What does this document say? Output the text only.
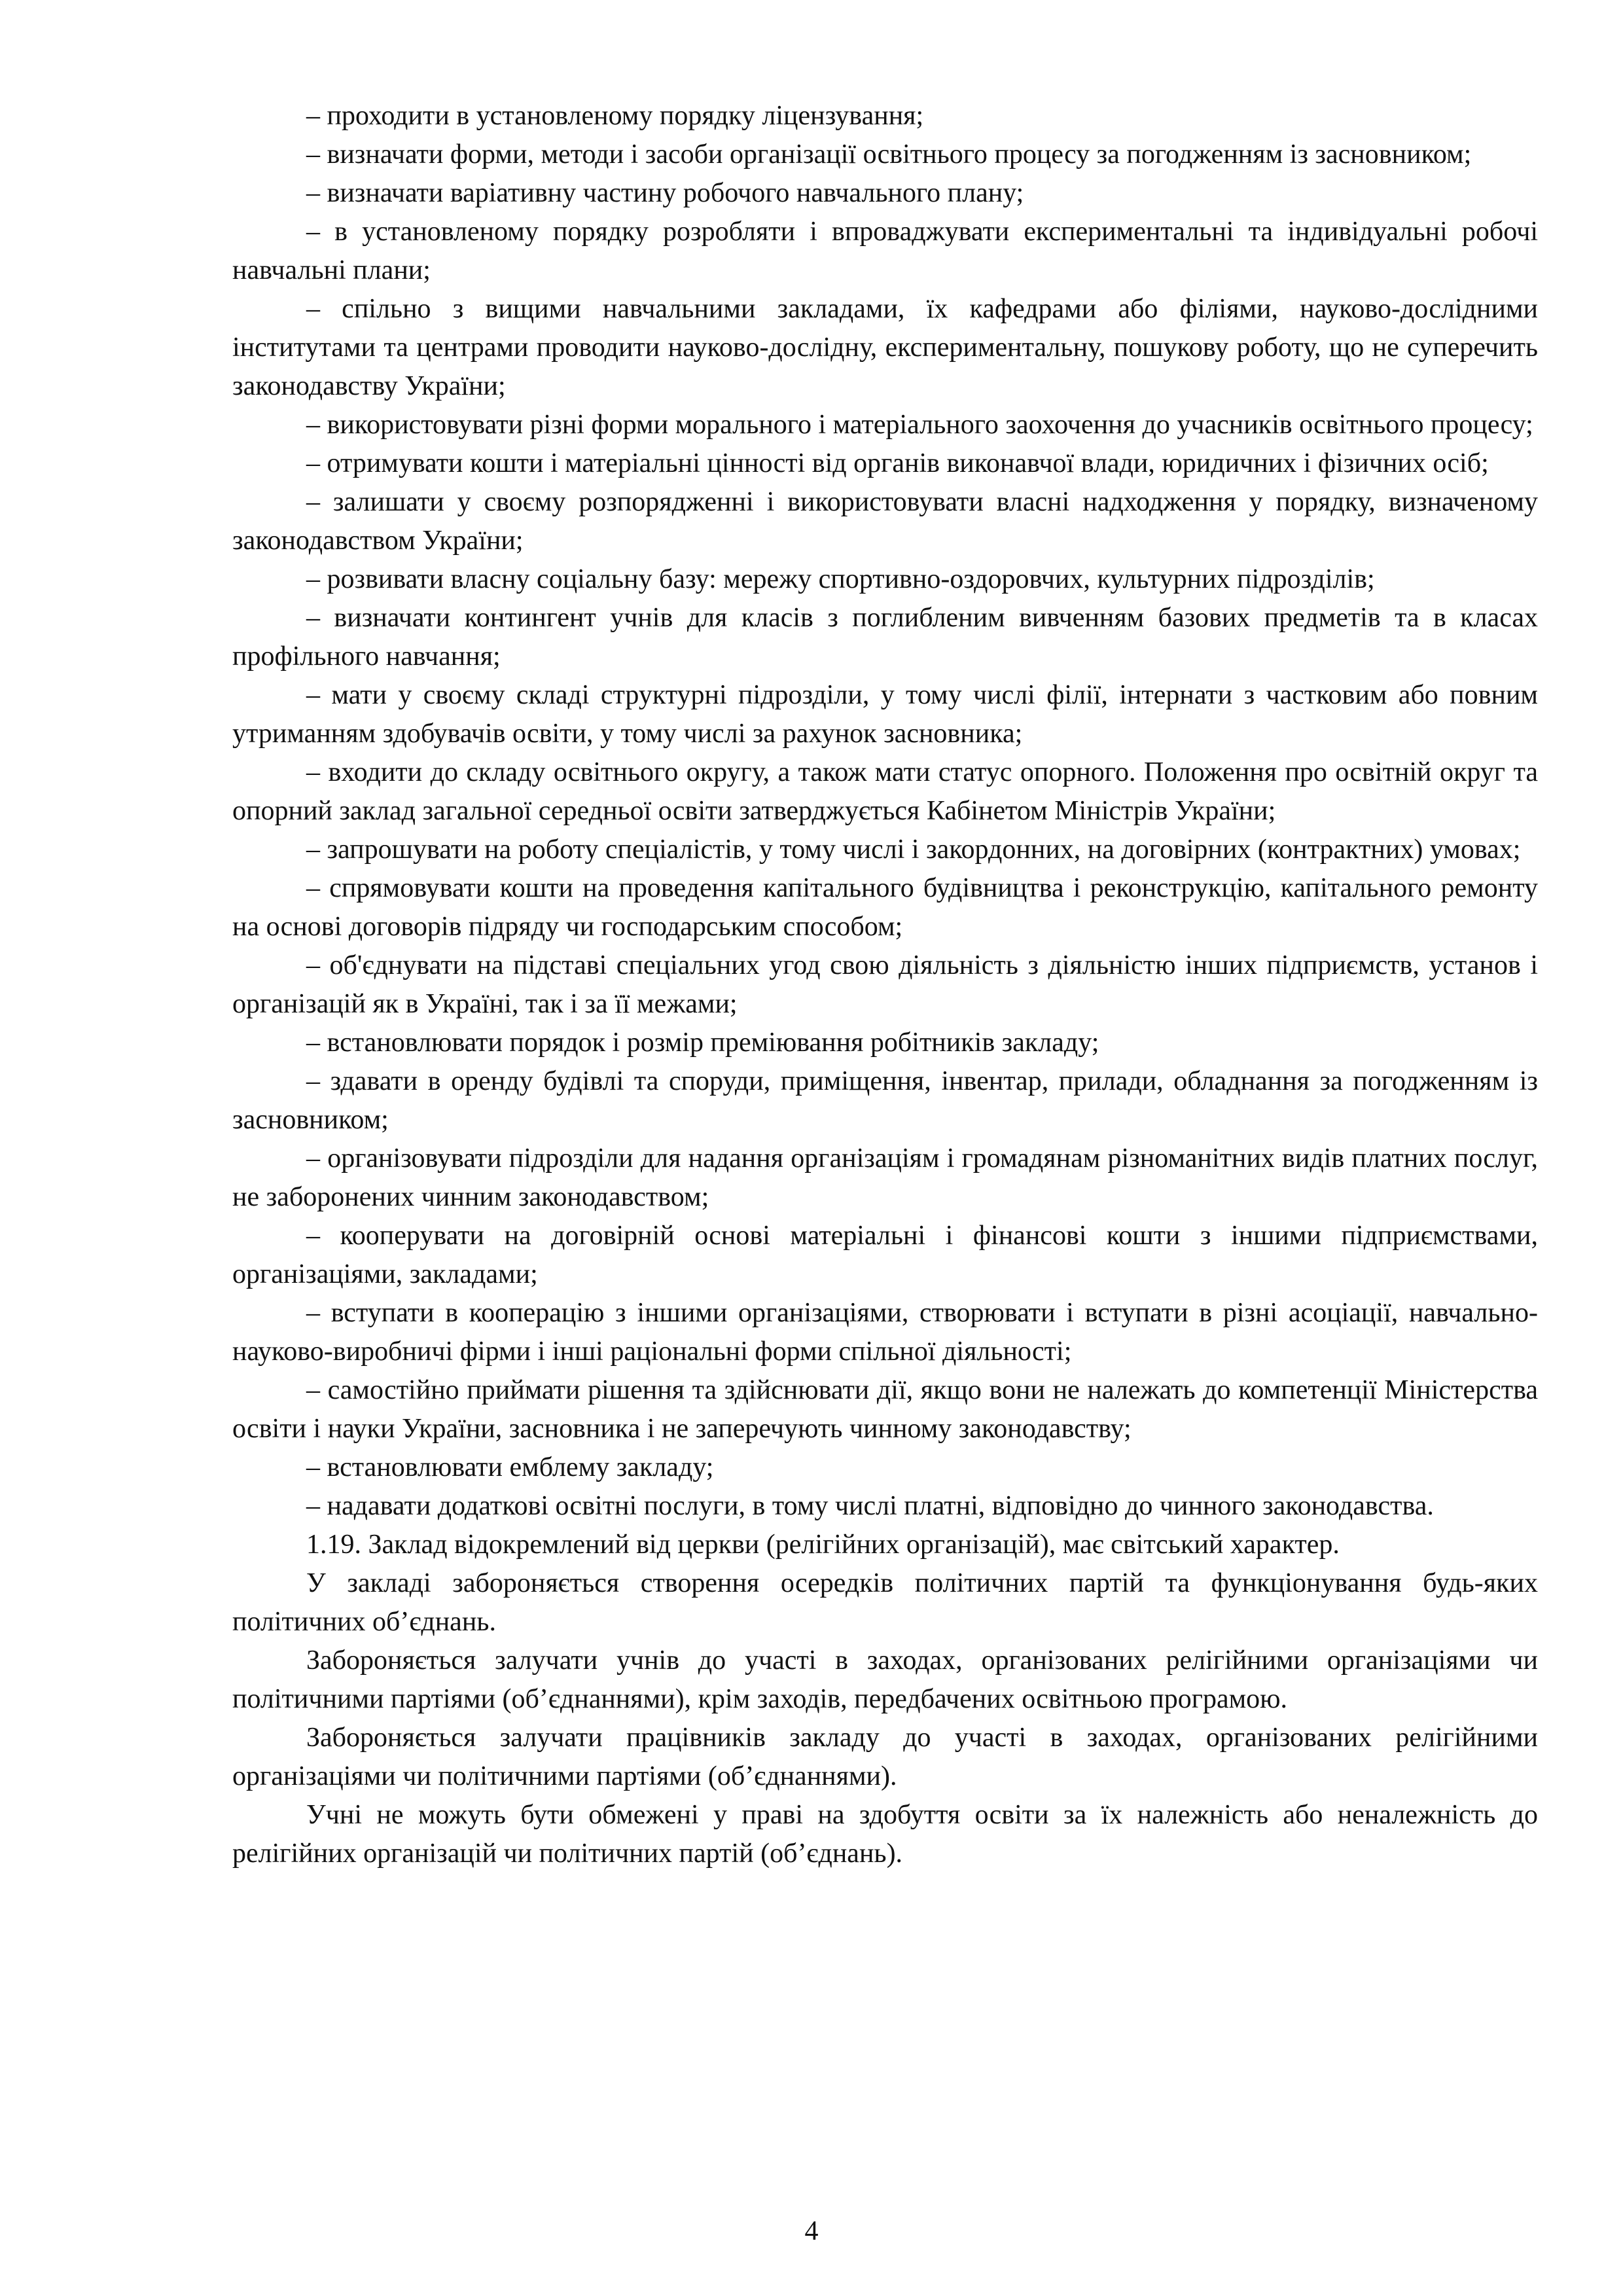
– проходити в установленому порядку ліцензування;

– визначати форми, методи і засоби організації освітнього процесу за погодженням із засновником;

– визначати варіативну частину робочого навчального плану;

– в установленому порядку розробляти і впроваджувати експериментальні та індивідуальні робочі навчальні плани;

– спільно з вищими навчальними закладами, їх кафедрами або філіями, науково-дослідними інститутами та центрами проводити науково-дослідну, експериментальну, пошукову роботу, що не суперечить законодавству України;

– використовувати різні форми морального і матеріального заохочення до учасників освітнього процесу;

– отримувати кошти і матеріальні цінності від органів виконавчої влади, юридичних і фізичних осіб;

– залишати у своєму розпорядженні і використовувати власні надходження у порядку, визначеному законодавством України;

– розвивати власну соціальну базу: мережу спортивно-оздоровчих, культурних підрозділів;

– визначати контингент учнів для класів з поглибленим вивченням базових предметів та в класах профільного навчання;

– мати у своєму складі структурні підрозділи, у тому числі філії, інтернати з частковим або повним утриманням здобувачів освіти, у тому числі за рахунок засновника;

– входити до складу освітнього округу, а також мати статус опорного. Положення про освітній округ та опорний заклад загальної середньої освіти затверджується Кабінетом Міністрів України;

– запрошувати на роботу спеціалістів, у тому числі і закордонних, на договірних (контрактних) умовах;

– спрямовувати кошти на проведення капітального будівництва і реконструкцію, капітального ремонту на основі договорів підряду чи господарським способом;

– об'єднувати на підставі спеціальних угод свою діяльність з діяльністю інших підприємств, установ і організацій як в Україні, так і за її межами;

– встановлювати порядок і розмір преміювання робітників закладу;

– здавати в оренду будівлі та споруди, приміщення, інвентар, прилади, обладнання за погодженням із засновником;

– організовувати підрозділи для надання організаціям і громадянам різноманітних видів платних послуг, не заборонених чинним законодавством;

– кооперувати на договірній основі матеріальні і фінансові кошти з іншими підприємствами, організаціями, закладами;

– вступати в кооперацію з іншими організаціями, створювати і вступати в різні асоціації, навчально-науково-виробничі фірми і інші раціональні форми спільної діяльності;

– самостійно приймати рішення та здійснювати дії, якщо вони не належать до компетенції Міністерства освіти і науки України, засновника і не заперечують чинному законодавству;

– встановлювати емблему закладу;

– надавати додаткові освітні послуги, в тому числі платні, відповідно до чинного законодавства.

1.19. Заклад відокремлений від церкви (релігійних організацій), має світський характер.

У закладі забороняється створення осередків політичних партій та функціонування будь-яких політичних об’єднань.

Забороняється залучати учнів до участі в заходах, організованих релігійними організаціями чи політичними партіями (об’єднаннями), крім заходів, передбачених освітньою програмою.

Забороняється залучати працівників закладу до участі в заходах, організованих релігійними організаціями чи політичними партіями (об’єднаннями).

Учні не можуть бути обмежені у праві на здобуття освіти за їх належність або неналежність до релігійних організацій чи політичних партій (об’єднань).

4
